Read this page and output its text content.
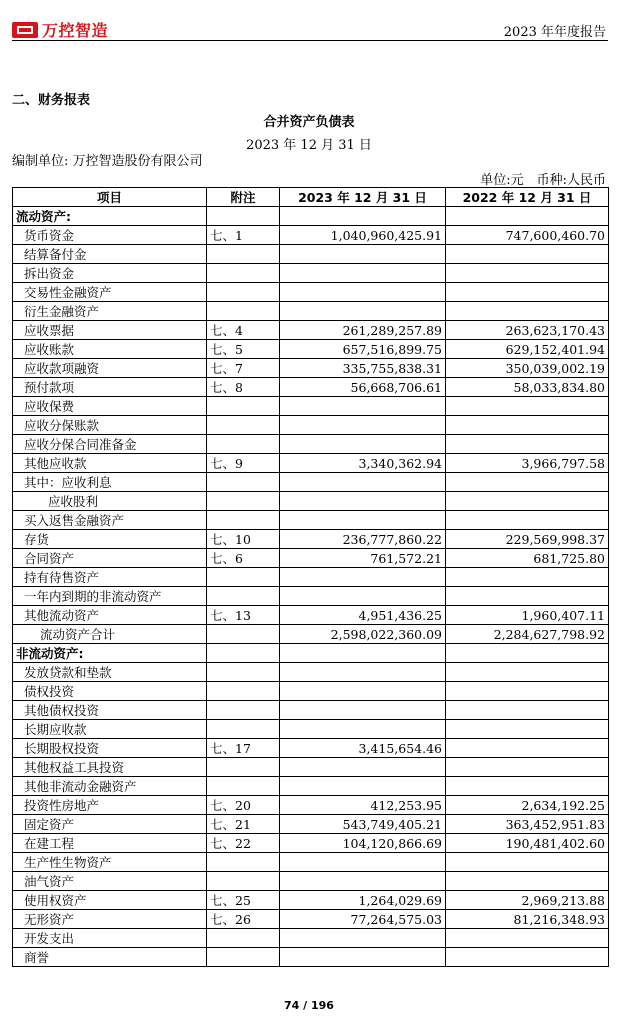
万控智造	2023 年年度报告
二、财务报表
合并资产负债表
2023 年 12 月 31 日
编制单位: 万控智造股份有限公司
单位:元　币种:人民币
项目	附注	2023 年 12 月 31 日	2022 年 12 月 31 日
流动资产:			
货币资金	七、1	1,040,960,425.91	747,600,460.70
结算备付金			
拆出资金			
交易性金融资产			
衍生金融资产			
应收票据	七、4	261,289,257.89	263,623,170.43
应收账款	七、5	657,516,899.75	629,152,401.94
应收款项融资	七、7	335,755,838.31	350,039,002.19
预付款项	七、8	56,668,706.61	58,033,834.80
应收保费			
应收分保账款			
应收分保合同准备金			
其他应收款	七、9	3,340,362.94	3,966,797.58
其中：应收利息			
应收股利			
买入返售金融资产			
存货	七、10	236,777,860.22	229,569,998.37
合同资产	七、6	761,572.21	681,725.80
持有待售资产			
一年内到期的非流动资产			
其他流动资产	七、13	4,951,436.25	1,960,407.11
流动资产合计		2,598,022,360.09	2,284,627,798.92
非流动资产:			
发放贷款和垫款			
债权投资			
其他债权投资			
长期应收款			
长期股权投资	七、17	3,415,654.46	
其他权益工具投资			
其他非流动金融资产			
投资性房地产	七、20	412,253.95	2,634,192.25
固定资产	七、21	543,749,405.21	363,452,951.83
在建工程	七、22	104,120,866.69	190,481,402.60
生产性生物资产			
油气资产			
使用权资产	七、25	1,264,029.69	2,969,213.88
无形资产	七、26	77,264,575.03	81,216,348.93
开发支出			
商誉			
74 / 196
